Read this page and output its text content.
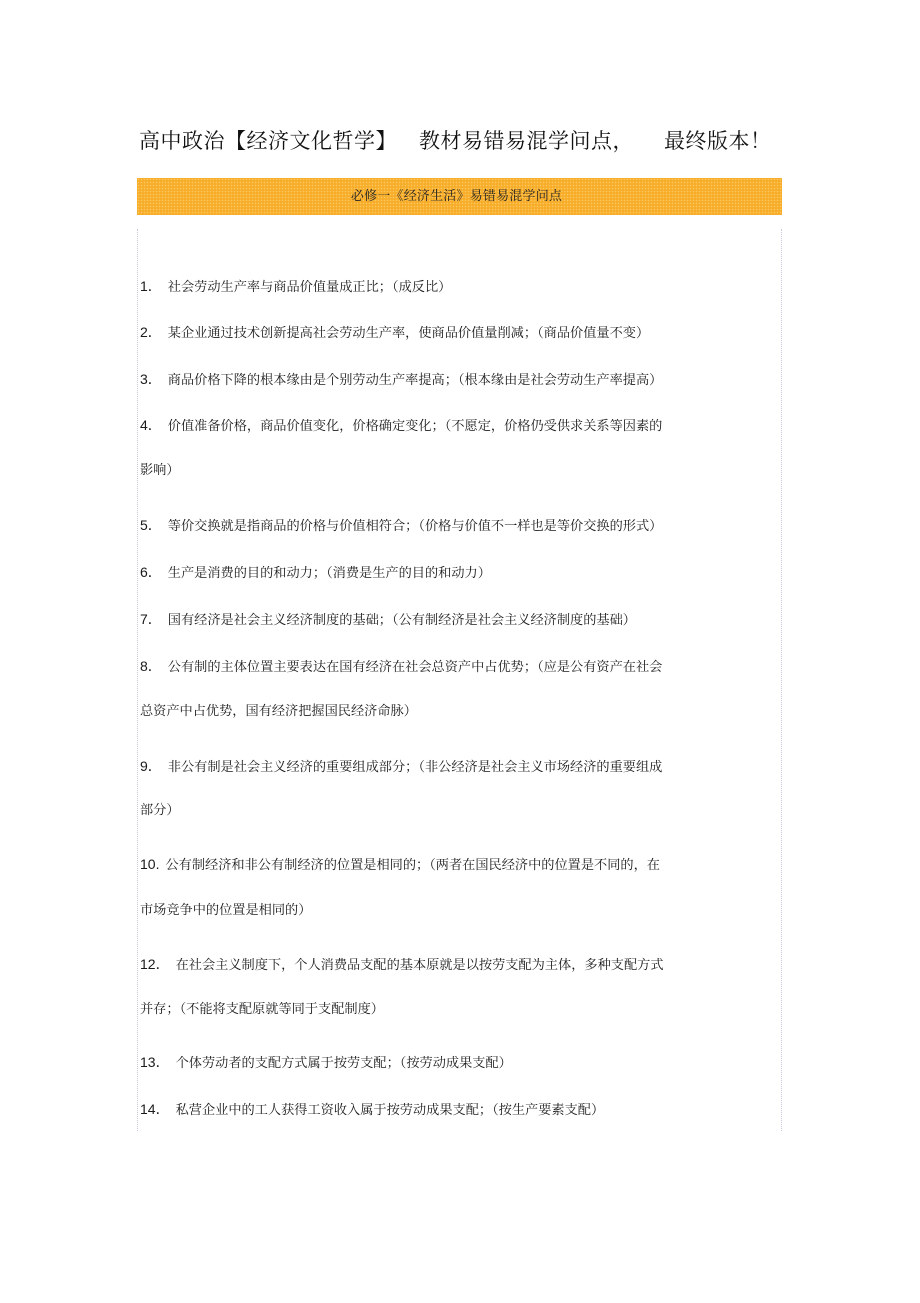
高中政治【经济文化哲学】 教材易错易混学问点， 最终版本！
必修一《经济生活》易错易混学问点
1． 社会劳动生产率与商品价值量成正比；（成反比）
2． 某企业通过技术创新提高社会劳动生产率，使商品价值量削减；（商品价值量不变）
3． 商品价格下降的根本缘由是个别劳动生产率提高；（根本缘由是社会劳动生产率提高）
4． 价值准备价格，商品价值变化，价格确定变化；（不愿定，价格仍受供求关系等因素的
影响）
5． 等价交换就是指商品的价格与价值相符合；（价格与价值不一样也是等价交换的形式）
6． 生产是消费的目的和动力；（消费是生产的目的和动力）
7． 国有经济是社会主义经济制度的基础；（公有制经济是社会主义经济制度的基础）
8． 公有制的主体位置主要表达在国有经济在社会总资产中占优势；（应是公有资产在社会
总资产中占优势，国有经济把握国民经济命脉）
9． 非公有制是社会主义经济的重要组成部分；（非公经济是社会主义市场经济的重要组成
部分）
10. 公有制经济和非公有制经济的位置是相同的；（两者在国民经济中的位置是不同的，在
市场竞争中的位置是相同的）
12． 在社会主义制度下，个人消费品支配的基本原就是以按劳支配为主体，多种支配方式
并存；（不能将支配原就等同于支配制度）
13． 个体劳动者的支配方式属于按劳支配；（按劳动成果支配）
14． 私营企业中的工人获得工资收入属于按劳动成果支配；（按生产要素支配）
